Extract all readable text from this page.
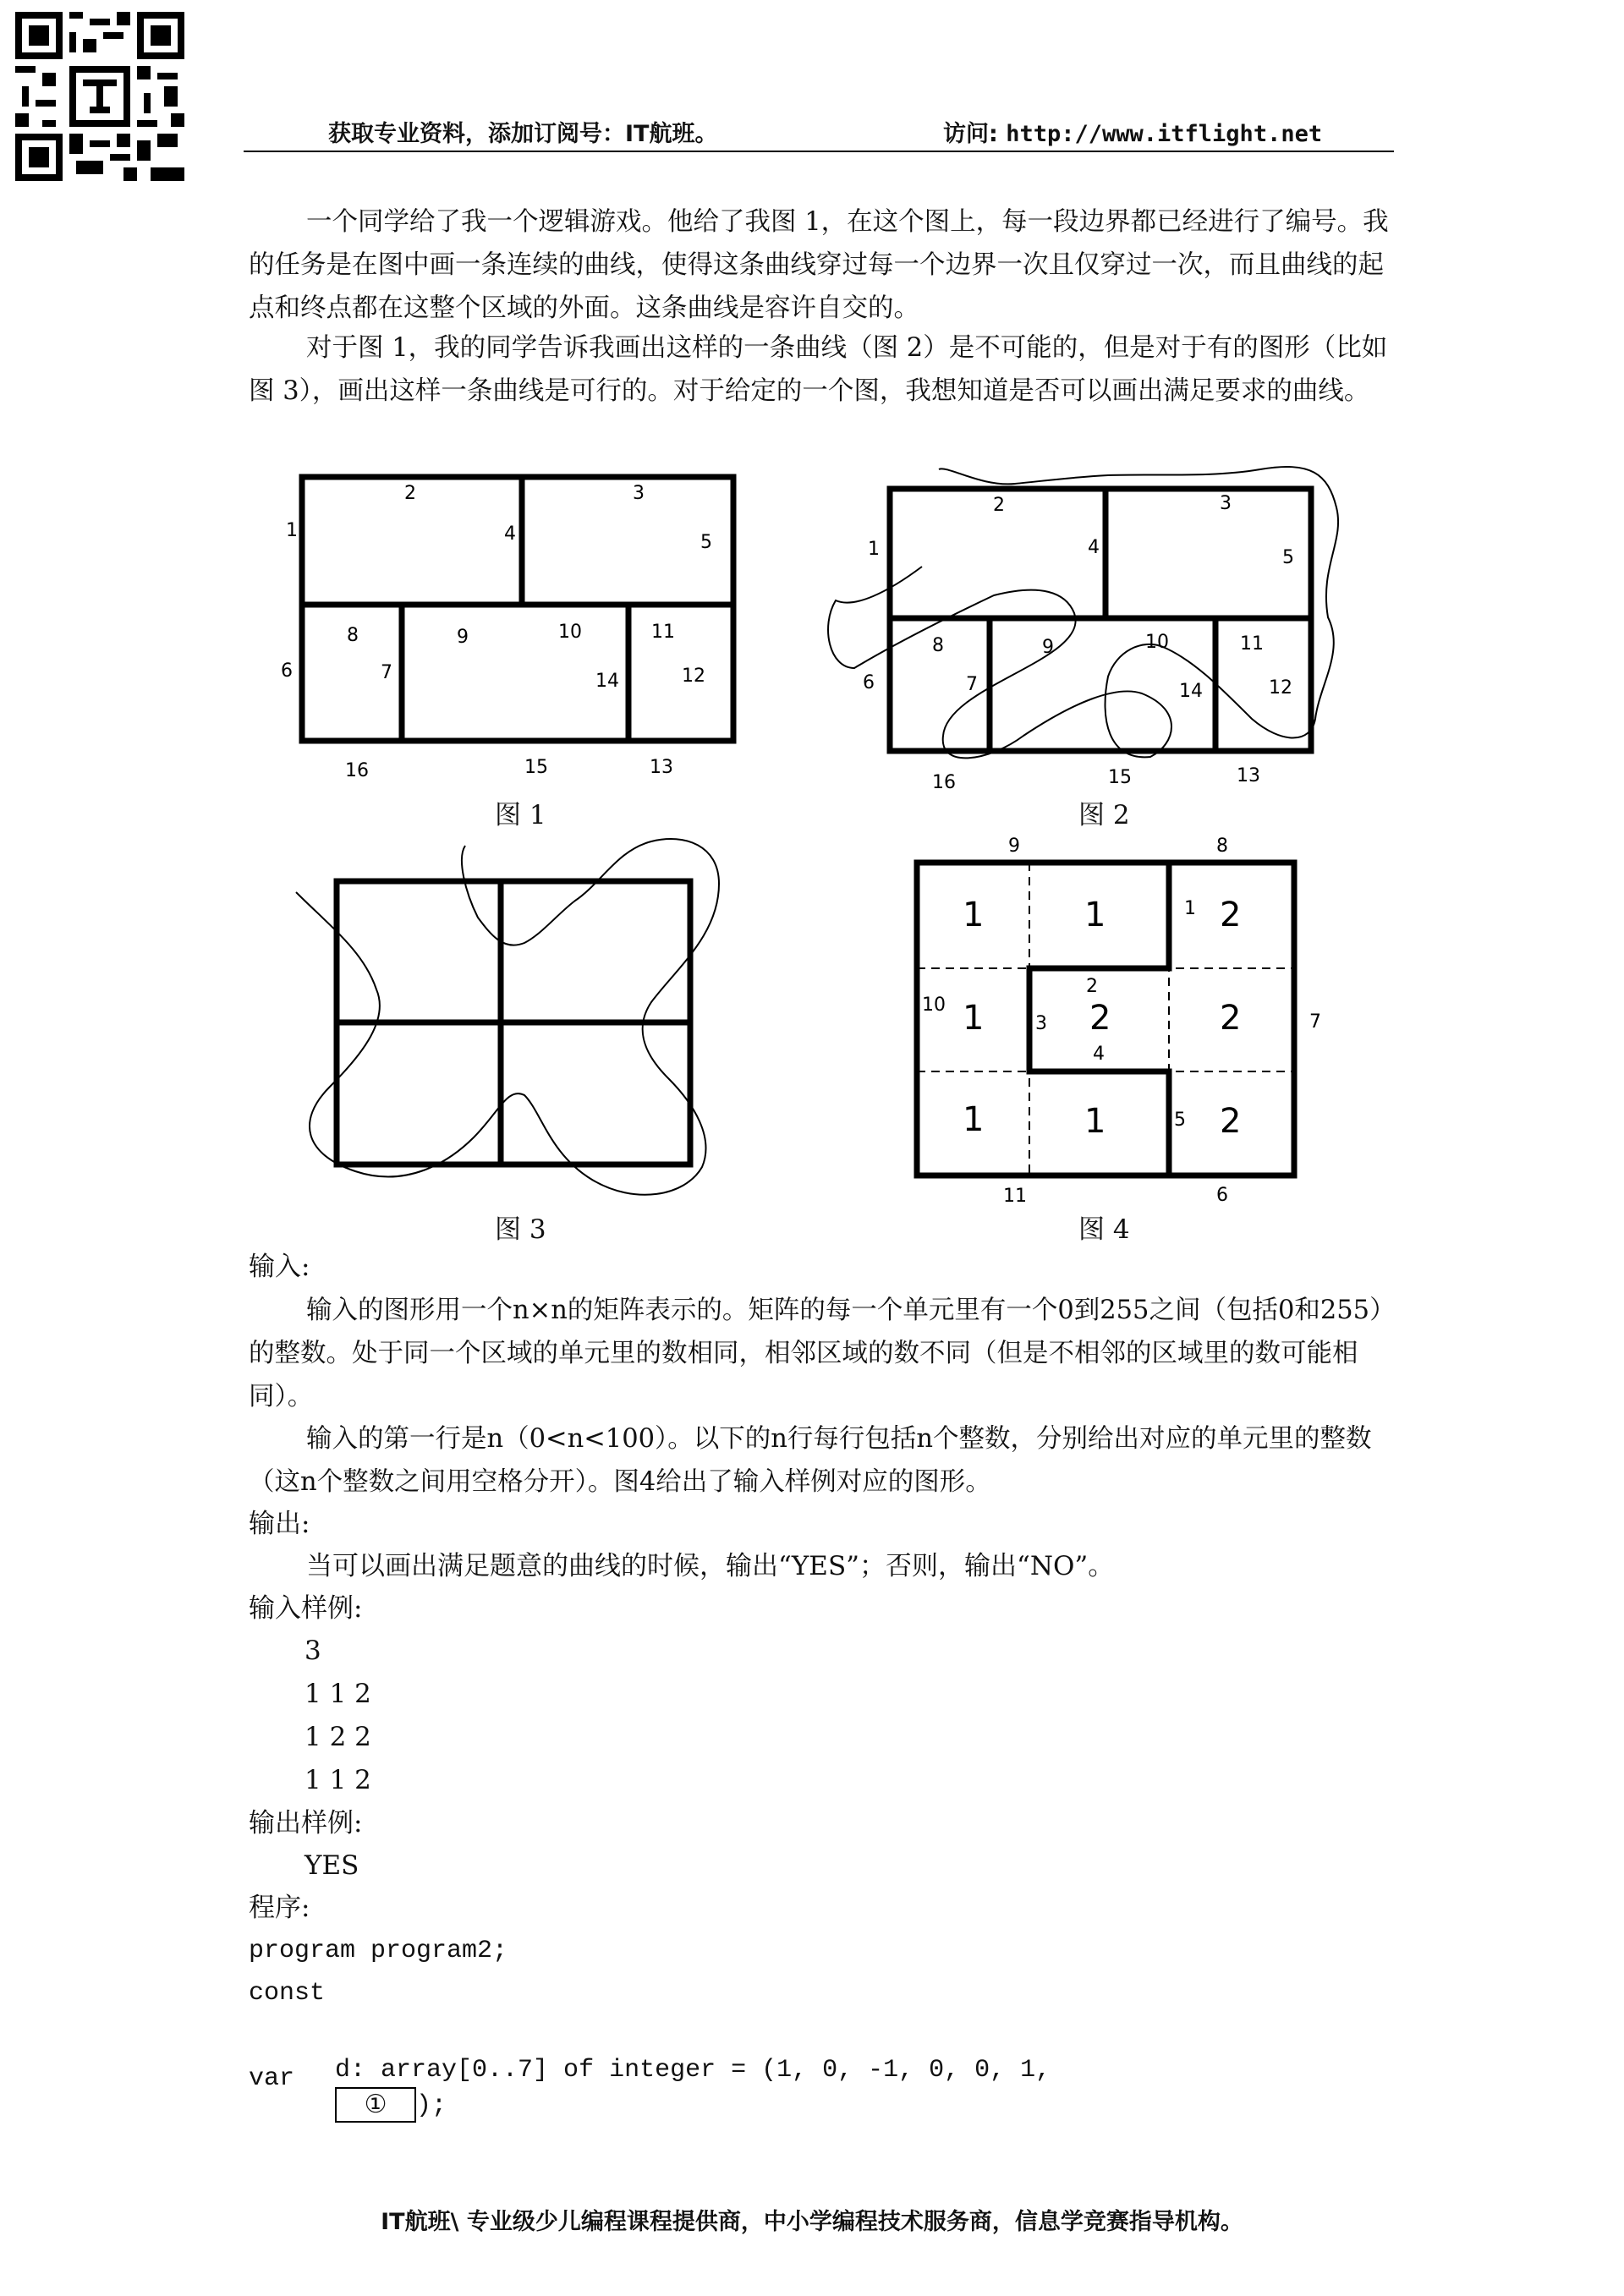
获取专业资料，添加订阅号：IT航班。	访问: http://www.itflight.net
一个同学给了我一个逻辑游戏。他给了我图 1，在这个图上，每一段边界都已经进行了编号。我的任务是在图中画一条连续的曲线，使得这条曲线穿过每一个边界一次且仅穿过一次，而且曲线的起点和终点都在这整个区域的外面。这条曲线是容许自交的。
对于图 1，我的同学告诉我画出这样的一条曲线（图 2）是不可能的，但是对于有的图形（比如图 3），画出这样一条曲线是可行的。对于给定的一个图，我想知道是否可以画出满足要求的曲线。
1
2	3
4	5
6	7
8	9	10	11
12
13
14
15
16
图 1
1
2	3
4	5
6	7
8	9	10	11
12
13
14
15
16
图 2
图 3
1	1	2
1	2	2
1	1	2
1
2
3
4
5
6
7
8
9
10
11
图 4
输入:
输入的图形用一个n×n的矩阵表示的。矩阵的每一个单元里有一个0到255之间（包括0和255）的整数。处于同一个区域的单元里的数相同，相邻区域的数不同（但是不相邻的区域里的数可能相同）。
输入的第一行是n（0<n<100）。以下的n行每行包括n个整数，分别给出对应的单元里的整数（这n个整数之间用空格分开）。图4给出了输入样例对应的图形。
输出:
当可以画出满足题意的曲线的时候，输出“YES”；否则，输出“NO”。
输入样例:
3
1 1 2
1 2 2
1 1 2
输出样例:
YES
程序:
program program2;
const

d: array[0..7] of integer = (1, 0, -1, 0, 0, 1,
① );

var
IT航班\ 专业级少儿编程课程提供商，中小学编程技术服务商，信息学竞赛指导机构。
